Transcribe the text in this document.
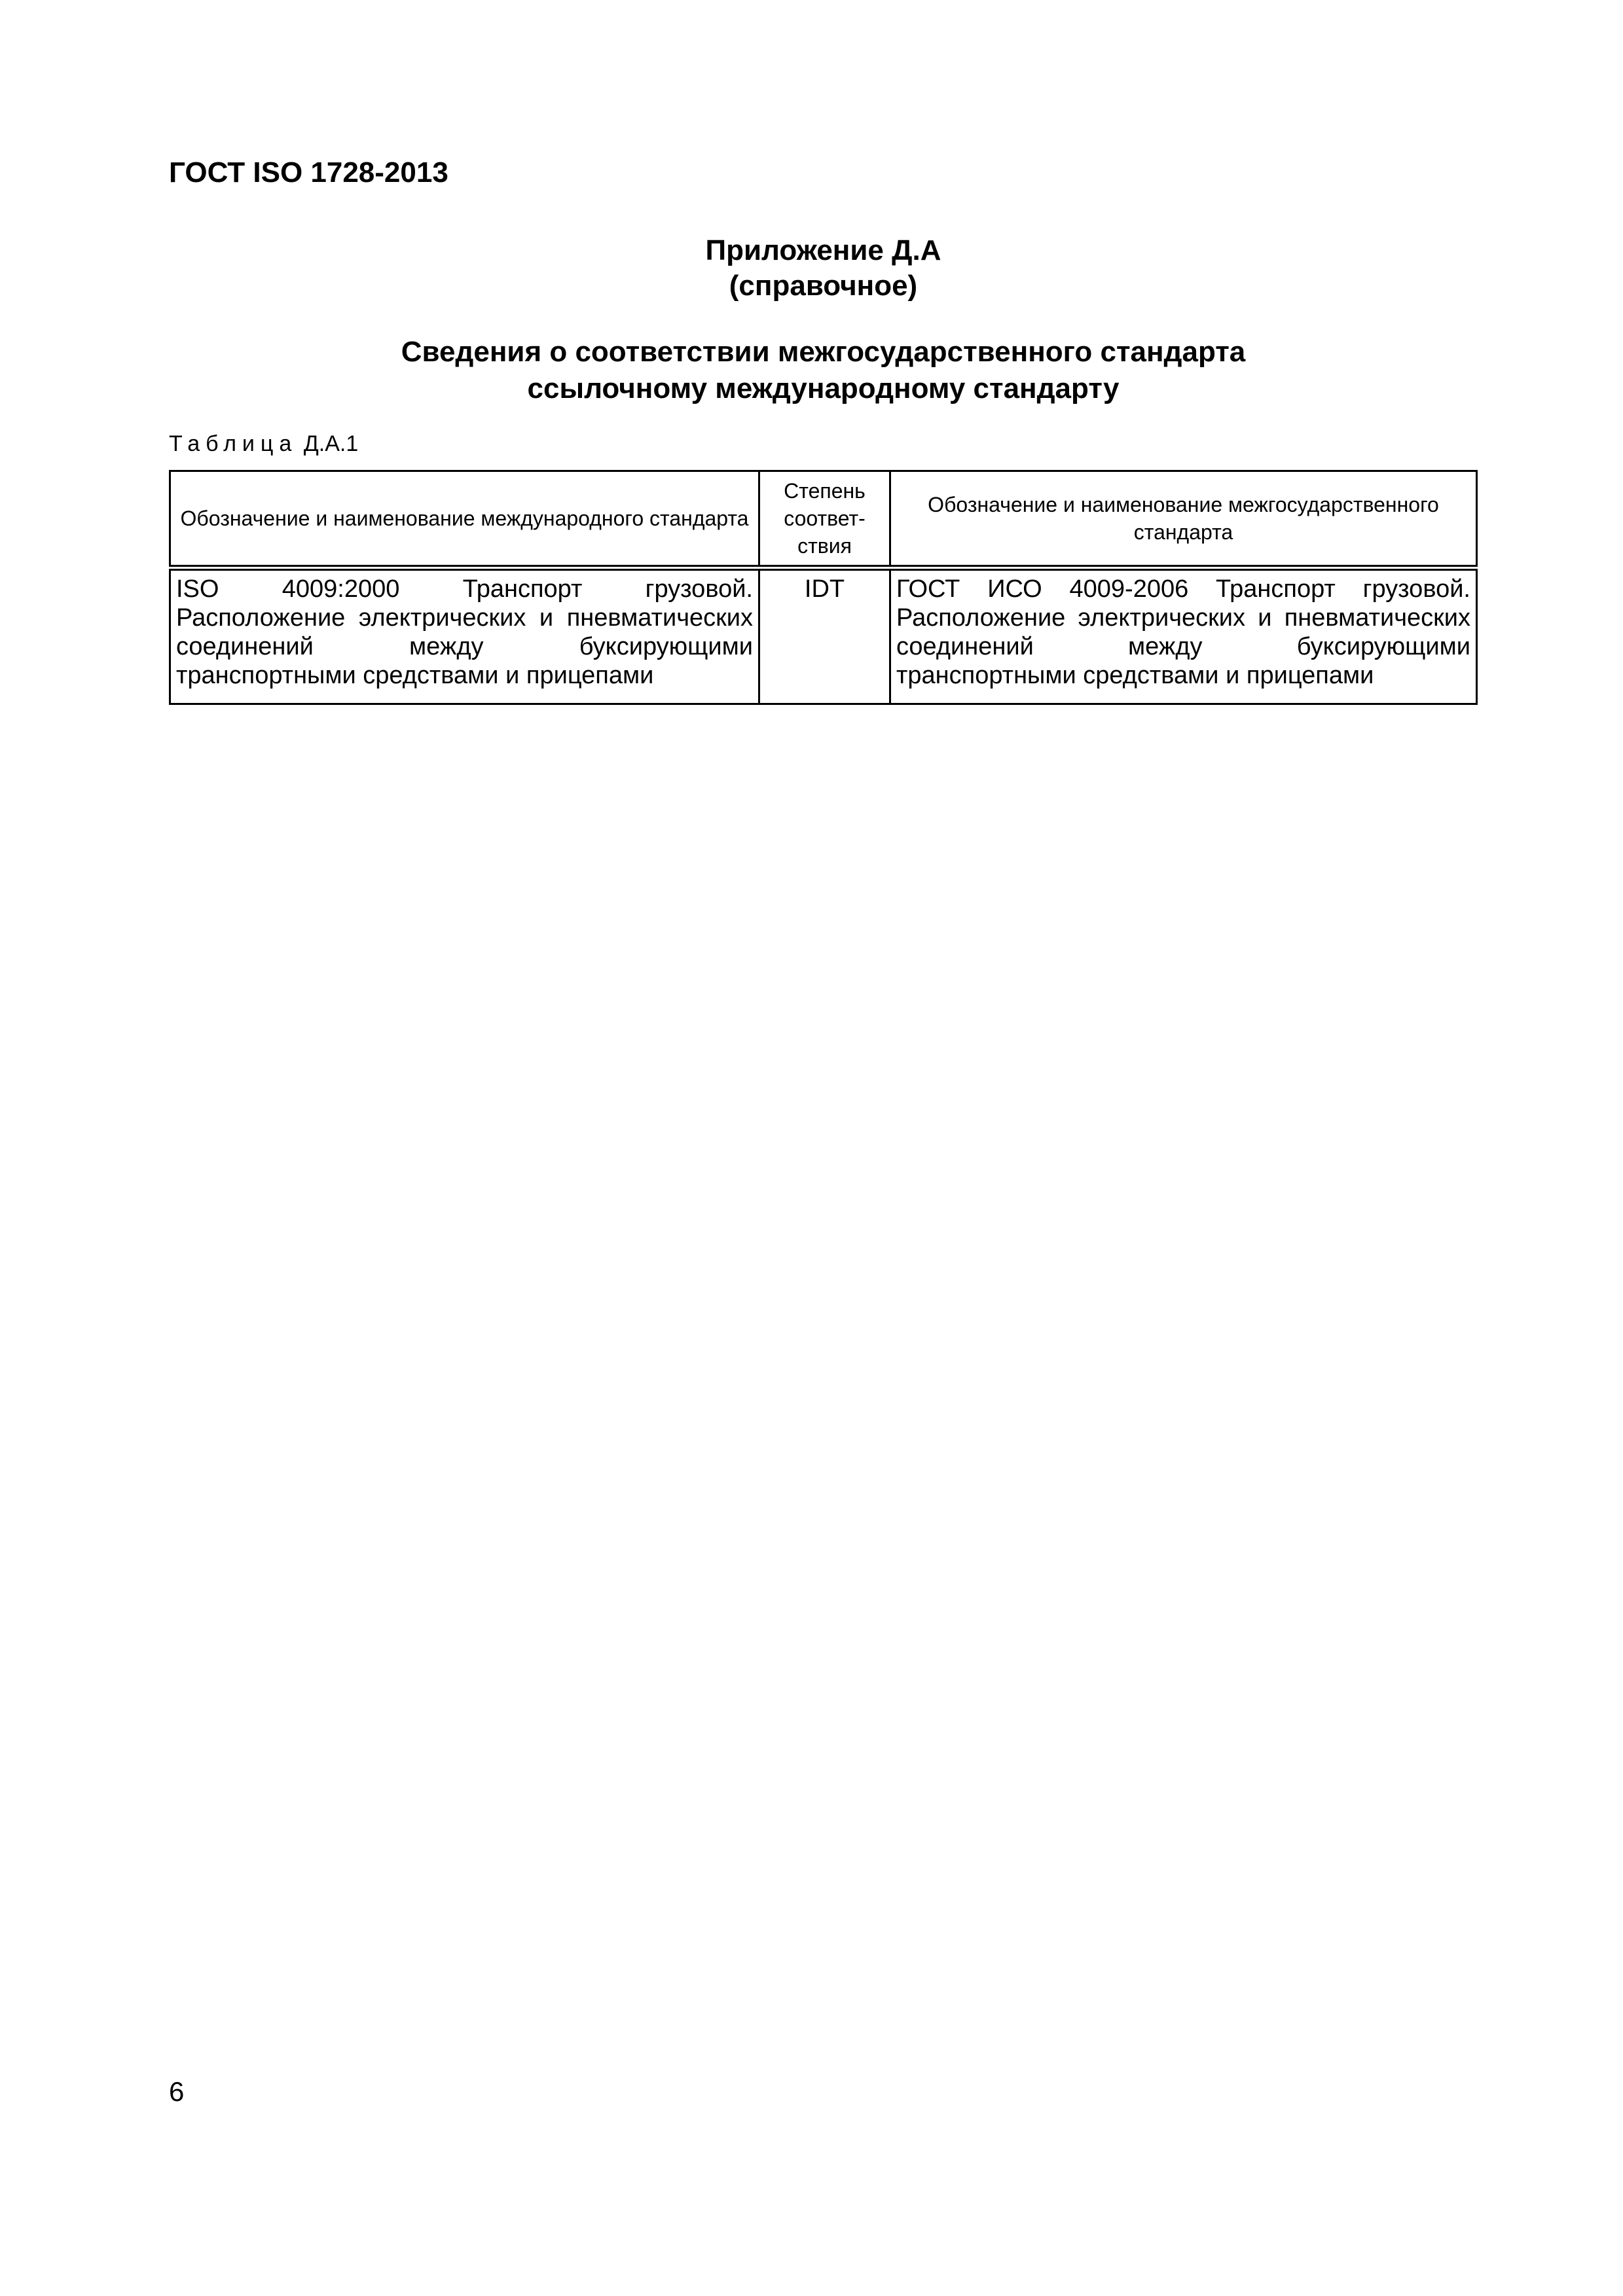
ГОСТ ISO 1728-2013
Приложение Д.А
(справочное)
Сведения о соответствии межгосударственного стандарта
ссылочному международному стандарту
Таблица Д.А.1
Обозначение и наименование международного стандарта	Степень соответ-ствия	Обозначение и наименование межгосударственного стандарта
ISO 4009:2000 Транспорт грузовой. Расположение электрических и пневматических соединений между буксирующими транспортными средствами и прицепами	IDT	ГОСТ ИСО 4009-2006 Транспорт грузовой. Расположение электрических и пневматических соединений между буксирующими транспортными средствами и прицепами
6
